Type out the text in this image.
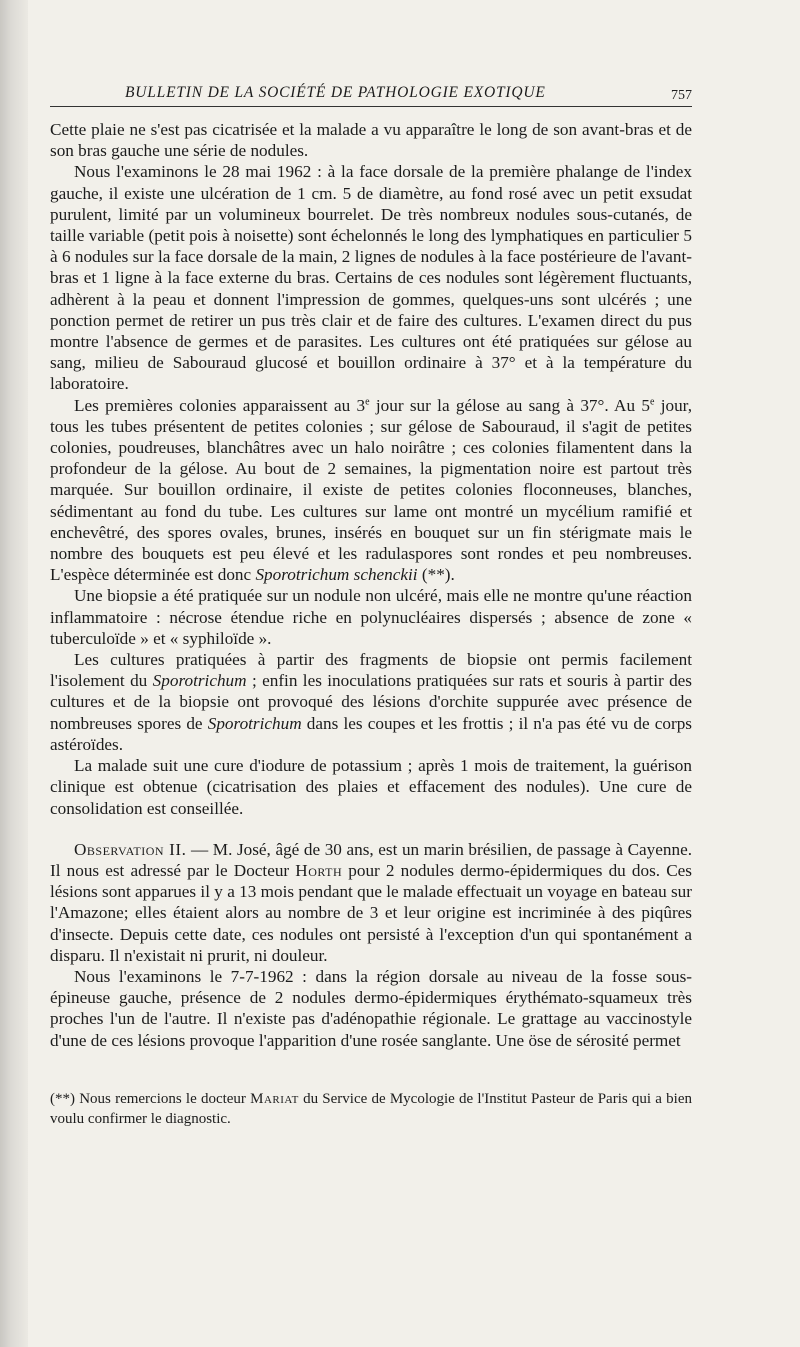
BULLETIN DE LA SOCIÉTÉ DE PATHOLOGIE EXOTIQUE	757

Cette plaie ne s'est pas cicatrisée et la malade a vu apparaître le long de son avant-bras et de son bras gauche une série de nodules.

Nous l'examinons le 28 mai 1962 : à la face dorsale de la première phalange de l'index gauche, il existe une ulcération de 1 cm. 5 de diamètre, au fond rosé avec un petit exsudat purulent, limité par un volumineux bourrelet. De très nombreux nodules sous-cutanés, de taille variable (petit pois à noisette) sont échelonnés le long des lymphatiques en particulier 5 à 6 nodules sur la face dorsale de la main, 2 lignes de nodules à la face postérieure de l'avant-bras et 1 ligne à la face externe du bras. Certains de ces nodules sont légèrement fluctuants, adhèrent à la peau et donnent l'impression de gommes, quelques-uns sont ulcérés ; une ponction permet de retirer un pus très clair et de faire des cultures. L'examen direct du pus montre l'absence de germes et de parasites. Les cultures ont été pratiquées sur gélose au sang, milieu de Sabouraud glucosé et bouillon ordinaire à 37° et à la température du laboratoire.

Les premières colonies apparaissent au 3e jour sur la gélose au sang à 37°. Au 5e jour, tous les tubes présentent de petites colonies ; sur gélose de Sabouraud, il s'agit de petites colonies, poudreuses, blanchâtres avec un halo noirâtre ; ces colonies filamentent dans la profondeur de la gélose. Au bout de 2 semaines, la pigmentation noire est partout très marquée. Sur bouillon ordinaire, il existe de petites colonies floconneuses, blanches, sédimentant au fond du tube. Les cultures sur lame ont montré un mycélium ramifié et enchevêtré, des spores ovales, brunes, insérés en bouquet sur un fin stérigmate mais le nombre des bouquets est peu élevé et les radulaspores sont rondes et peu nombreuses. L'espèce déterminée est donc Sporotrichum schenckii (**).

Une biopsie a été pratiquée sur un nodule non ulcéré, mais elle ne montre qu'une réaction inflammatoire : nécrose étendue riche en polynucléaires dispersés ; absence de zone « tuberculoïde » et « syphiloïde ».

Les cultures pratiquées à partir des fragments de biopsie ont permis facilement l'isolement du Sporotrichum ; enfin les inoculations pratiquées sur rats et souris à partir des cultures et de la biopsie ont provoqué des lésions d'orchite suppurée avec présence de nombreuses spores de Sporotrichum dans les coupes et les frottis ; il n'a pas été vu de corps astéroïdes.

La malade suit une cure d'iodure de potassium ; après 1 mois de traitement, la guérison clinique est obtenue (cicatrisation des plaies et effacement des nodules). Une cure de consolidation est conseillée.

Observation II. — M. José, âgé de 30 ans, est un marin brésilien, de passage à Cayenne. Il nous est adressé par le Docteur Horth pour 2 nodules dermo-épidermiques du dos. Ces lésions sont apparues il y a 13 mois pendant que le malade effectuait un voyage en bateau sur l'Amazone; elles étaient alors au nombre de 3 et leur origine est incriminée à des piqûres d'insecte. Depuis cette date, ces nodules ont persisté à l'exception d'un qui spontanément a disparu. Il n'existait ni prurit, ni douleur.

Nous l'examinons le 7-7-1962 : dans la région dorsale au niveau de la fosse sous-épineuse gauche, présence de 2 nodules dermo-épidermiques érythémato-squameux très proches l'un de l'autre. Il n'existe pas d'adénopathie régionale. Le grattage au vaccinostyle d'une de ces lésions provoque l'apparition d'une rosée sanglante. Une öse de sérosité permet

(**) Nous remercions le docteur Mariat du Service de Mycologie de l'Institut Pasteur de Paris qui a bien voulu confirmer le diagnostic.
